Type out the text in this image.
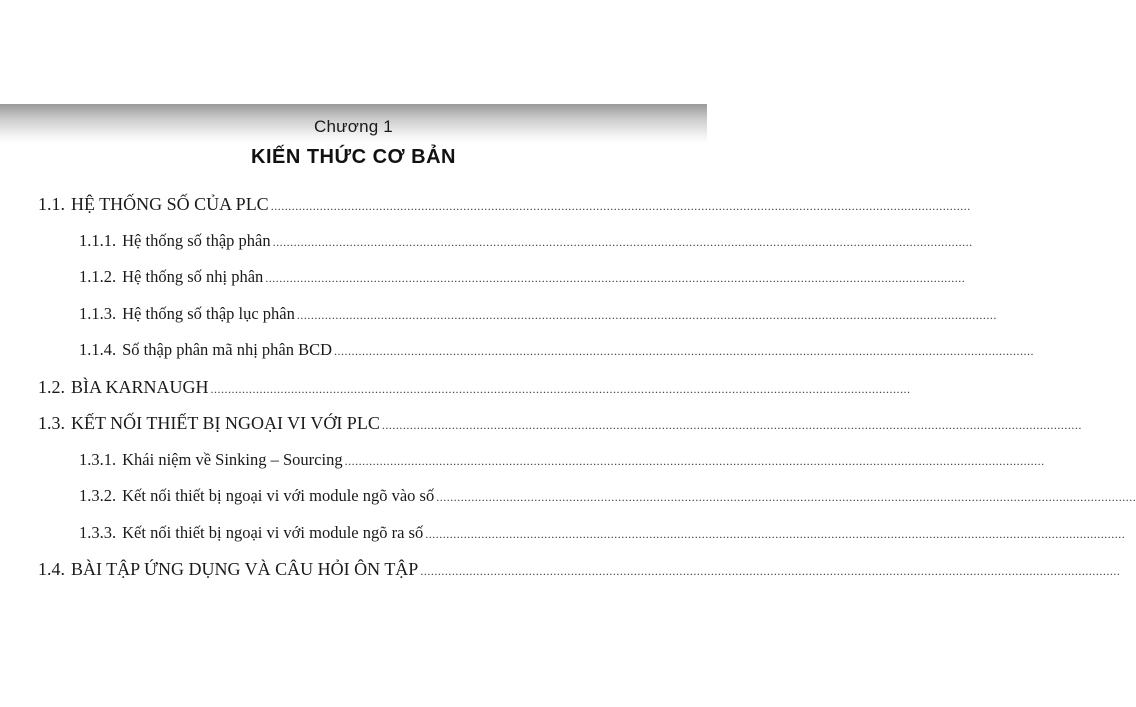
Chương 1
KIẾN THỨC CƠ BẢN
1.1. HỆ THỐNG SỐ CỦA PLC ........................................................................................................................................................................................................
1.1.1. Hệ thống số thập phân ........................................................................................................................................................................................................
1.1.2. Hệ thống số nhị phân ........................................................................................................................................................................................................
1.1.3. Hệ thống số thập lục phân ........................................................................................................................................................................................................
1.1.4. Số thập phân mã nhị phân BCD ........................................................................................................................................................................................................
1.2. BÌA KARNAUGH ........................................................................................................................................................................................................
1.3. KẾT NỐI THIẾT BỊ NGOẠI VI VỚI PLC ........................................................................................................................................................................................................
1.3.1. Khái niệm về Sinking – Sourcing ........................................................................................................................................................................................................
1.3.2. Kết nối thiết bị ngoại vi với module ngõ vào số ........................................................................................................................................................................................................
1.3.3. Kết nối thiết bị ngoại vi với module ngõ ra số ........................................................................................................................................................................................................
1.4. BÀI TẬP ỨNG DỤNG VÀ CÂU HỎI ÔN TẬP ........................................................................................................................................................................................................
